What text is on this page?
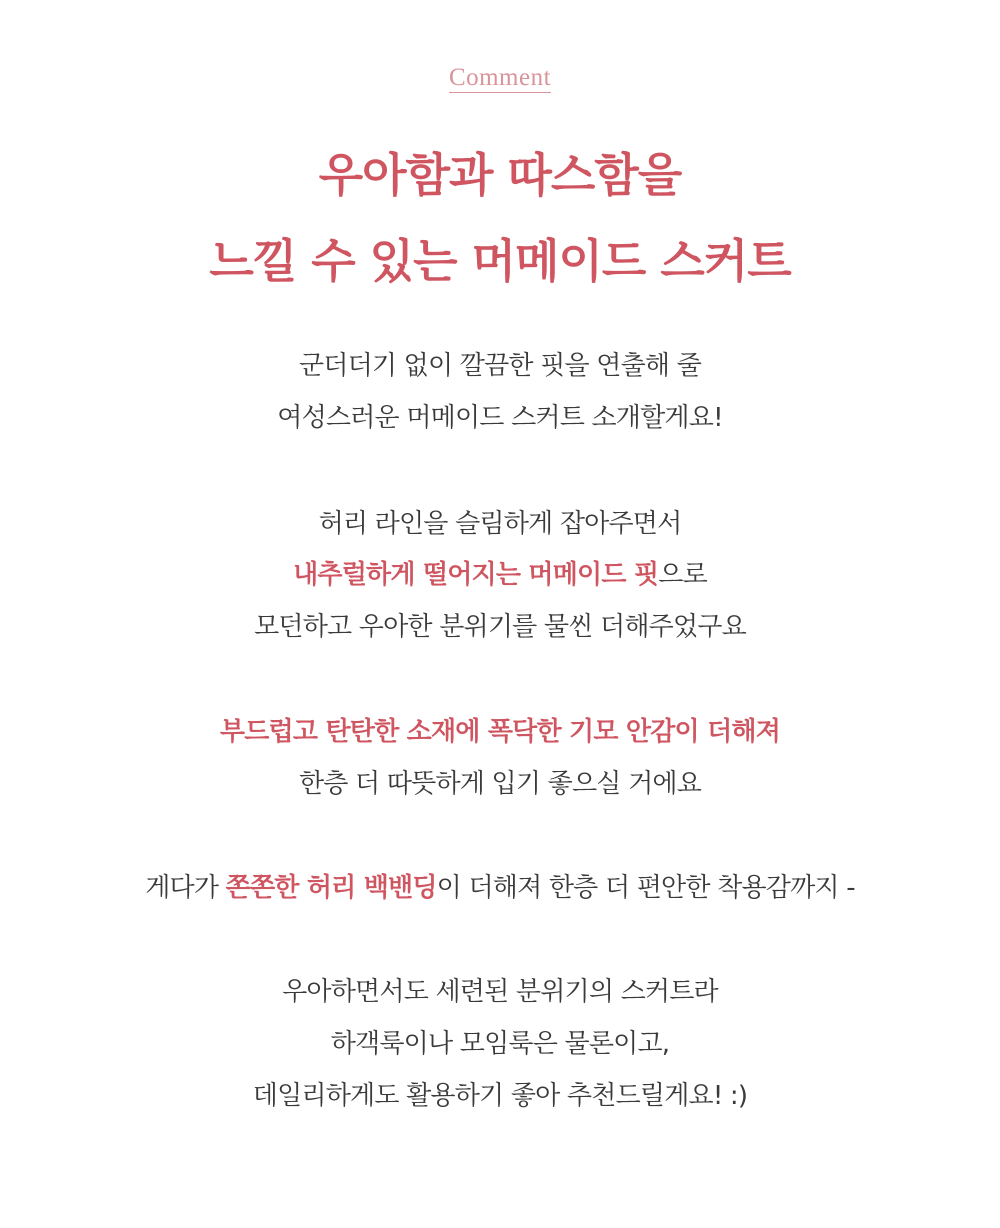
Comment
우아함과 따스함을
느낄 수 있는 머메이드 스커트
군더더기 없이 깔끔한 핏을 연출해 줄
여성스러운 머메이드 스커트 소개할게요!
허리 라인을 슬림하게 잡아주면서
내추럴하게 떨어지는 머메이드 핏으로
모던하고 우아한 분위기를 물씬 더해주었구요
부드럽고 탄탄한 소재에 폭닥한 기모 안감이 더해져
한층 더 따뜻하게 입기 좋으실 거에요
게다가 쫀쫀한 허리 백밴딩이 더해져 한층 더 편안한 착용감까지 -
우아하면서도 세련된 분위기의 스커트라
하객룩이나 모임룩은 물론이고,
데일리하게도 활용하기 좋아 추천드릴게요! :)
